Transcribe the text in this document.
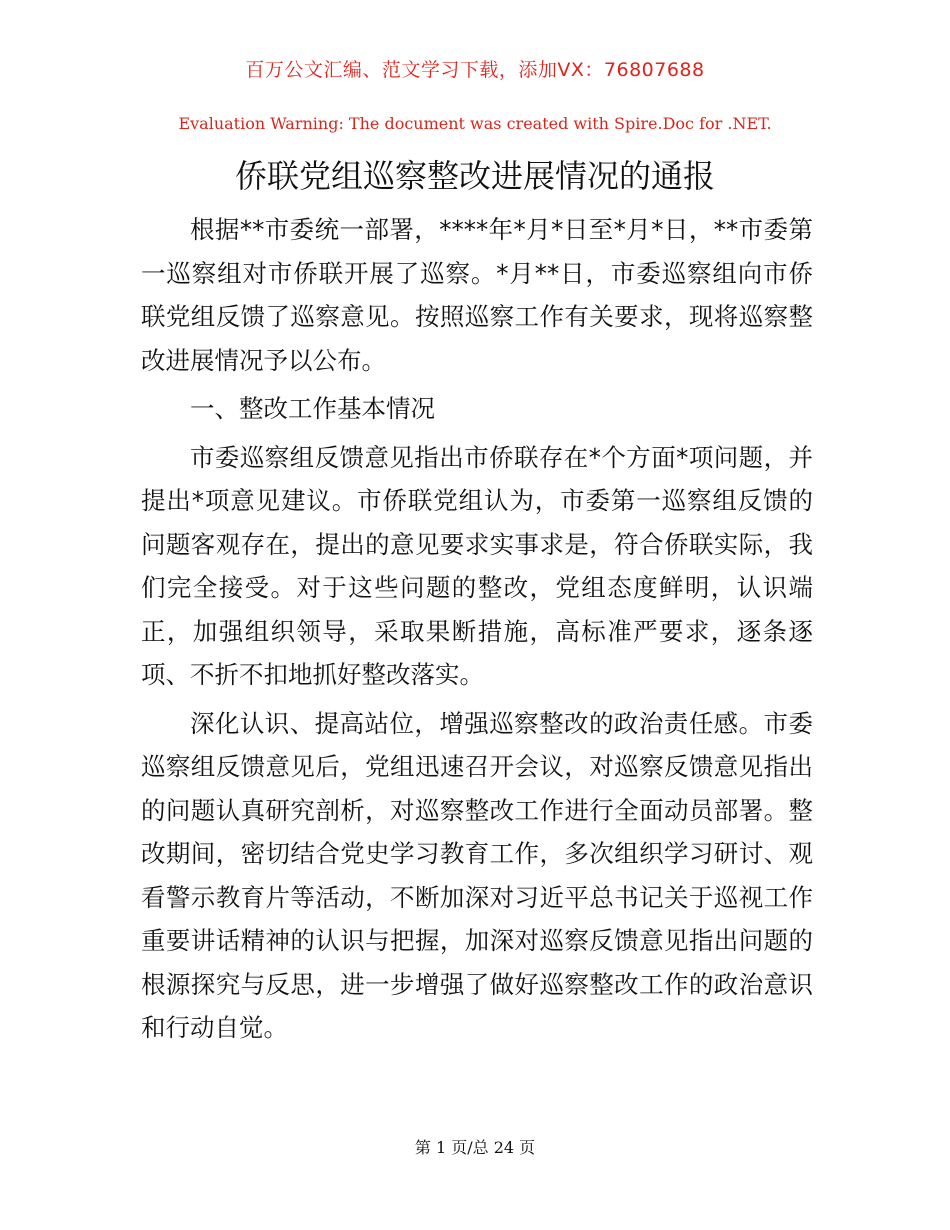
百万公文汇编、范文学习下载，添加VX：76807688
Evaluation Warning: The document was created with Spire.Doc for .NET.
侨联党组巡察整改进展情况的通报

根据**市委统一部署，****年*月*日至*月*日，**市委第一巡察组对市侨联开展了巡察。*月**日，市委巡察组向市侨联党组反馈了巡察意见。按照巡察工作有关要求，现将巡察整改进展情况予以公布。

一、整改工作基本情况

市委巡察组反馈意见指出市侨联存在*个方面*项问题，并提出*项意见建议。市侨联党组认为，市委第一巡察组反馈的问题客观存在，提出的意见要求实事求是，符合侨联实际，我们完全接受。对于这些问题的整改，党组态度鲜明，认识端正，加强组织领导，采取果断措施，高标准严要求，逐条逐项、不折不扣地抓好整改落实。

深化认识、提高站位，增强巡察整改的政治责任感。市委巡察组反馈意见后，党组迅速召开会议，对巡察反馈意见指出的问题认真研究剖析，对巡察整改工作进行全面动员部署。整改期间，密切结合党史学习教育工作，多次组织学习研讨、观看警示教育片等活动，不断加深对习近平总书记关于巡视工作重要讲话精神的认识与把握，加深对巡察反馈意见指出问题的根源探究与反思，进一步增强了做好巡察整改工作的政治意识和行动自觉。

第 1 页/总 24 页
